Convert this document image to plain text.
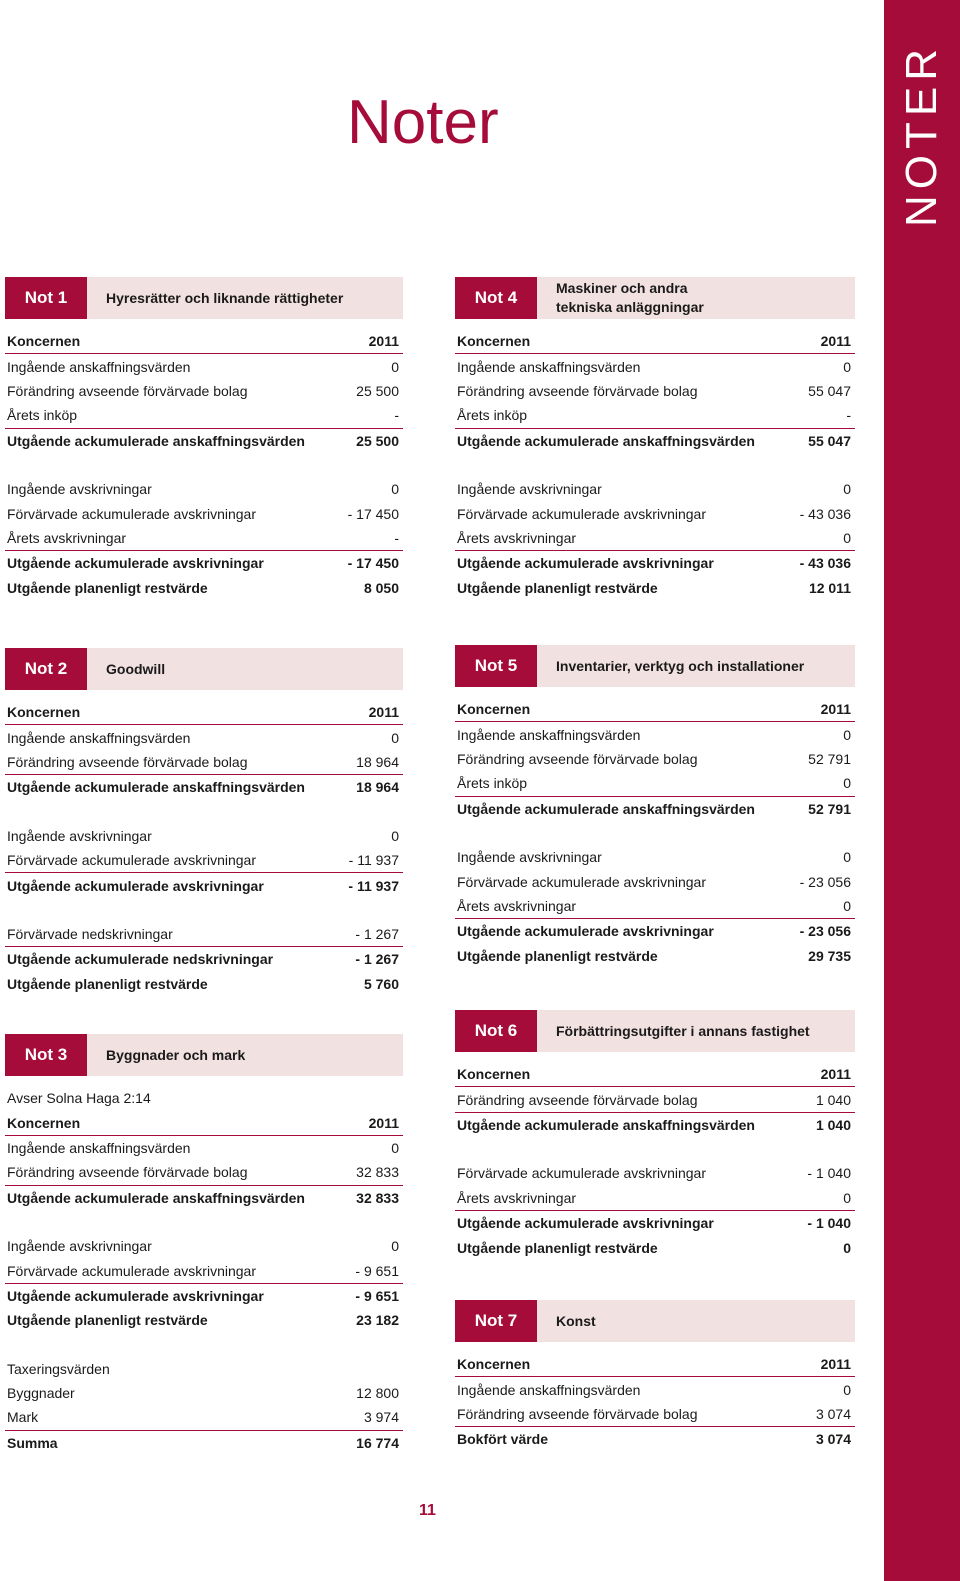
NOTER
Noter
Not 1	Hyresrätter och liknande rättigheter
Koncernen	2011
Ingående anskaffningsvärden	0
Förändring avseende förvärvade bolag	25 500
Årets inköp	-
Utgående ackumulerade anskaffningsvärden	25 500
Ingående avskrivningar	0
Förvärvade ackumulerade avskrivningar	- 17 450
Årets avskrivningar	-
Utgående ackumulerade avskrivningar	- 17 450
Utgående planenligt restvärde	8 050
Not 2	Goodwill
Koncernen	2011
Ingående anskaffningsvärden	0
Förändring avseende förvärvade bolag	18 964
Utgående ackumulerade anskaffningsvärden	18 964
Ingående avskrivningar	0
Förvärvade ackumulerade avskrivningar	- 11 937
Utgående ackumulerade avskrivningar	- 11 937
Förvärvade nedskrivningar	- 1 267
Utgående ackumulerade nedskrivningar	- 1 267
Utgående planenligt restvärde	5 760
Not 3	Byggnader och mark
Avser Solna Haga 2:14
Koncernen	2011
Ingående anskaffningsvärden	0
Förändring avseende förvärvade bolag	32 833
Utgående ackumulerade anskaffningsvärden	32 833
Ingående avskrivningar	0
Förvärvade ackumulerade avskrivningar	- 9 651
Utgående ackumulerade avskrivningar	- 9 651
Utgående planenligt restvärde	23 182
Taxeringsvärden
Byggnader	12 800
Mark	3 974
Summa	16 774
Not 4	Maskiner och andra
tekniska anläggningar
Koncernen	2011
Ingående anskaffningsvärden	0
Förändring avseende förvärvade bolag	55 047
Årets inköp	-
Utgående ackumulerade anskaffningsvärden	55 047
Ingående avskrivningar	0
Förvärvade ackumulerade avskrivningar	- 43 036
Årets avskrivningar	0
Utgående ackumulerade avskrivningar	- 43 036
Utgående planenligt restvärde	12 011
Not 5	Inventarier, verktyg och installationer
Koncernen	2011
Ingående anskaffningsvärden	0
Förändring avseende förvärvade bolag	52 791
Årets inköp	0
Utgående ackumulerade anskaffningsvärden	52 791
Ingående avskrivningar	0
Förvärvade ackumulerade avskrivningar	- 23 056
Årets avskrivningar	0
Utgående ackumulerade avskrivningar	- 23 056
Utgående planenligt restvärde	29 735
Not 6	Förbättringsutgifter i annans fastighet
Koncernen	2011
Förändring avseende förvärvade bolag	1 040
Utgående ackumulerade anskaffningsvärden	1 040
Förvärvade ackumulerade avskrivningar	- 1 040
Årets avskrivningar	0
Utgående ackumulerade avskrivningar	- 1 040
Utgående planenligt restvärde	0
Not 7	Konst
Koncernen	2011
Ingående anskaffningsvärden	0
Förändring avseende förvärvade bolag	3 074
Bokfört värde	3 074
11
